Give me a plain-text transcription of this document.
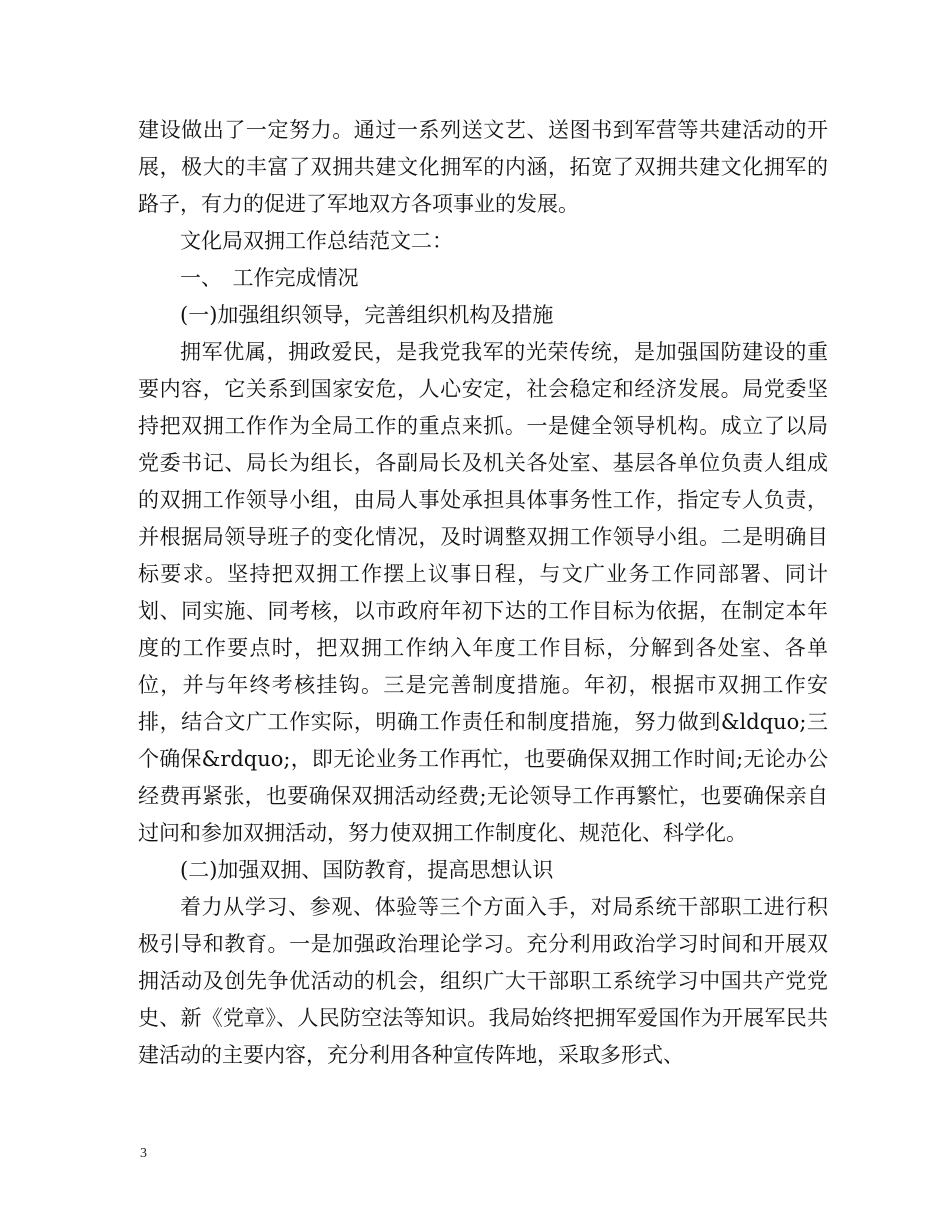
建设做出了一定努力。通过一系列送文艺、送图书到军营等共建活动的开展，极大的丰富了双拥共建文化拥军的内涵，拓宽了双拥共建文化拥军的路子，有力的促进了军地双方各项事业的发展。

文化局双拥工作总结范文二：

一、　工作完成情况

(一)加强组织领导，完善组织机构及措施

拥军优属，拥政爱民，是我党我军的光荣传统，是加强国防建设的重要内容，它关系到国家安危，人心安定，社会稳定和经济发展。局党委坚持把双拥工作作为全局工作的重点来抓。一是健全领导机构。成立了以局党委书记、局长为组长，各副局长及机关各处室、基层各单位负责人组成的双拥工作领导小组，由局人事处承担具体事务性工作，指定专人负责，并根据局领导班子的变化情况，及时调整双拥工作领导小组。二是明确目标要求。坚持把双拥工作摆上议事日程，与文广业务工作同部署、同计划、同实施、同考核，以市政府年初下达的工作目标为依据，在制定本年度的工作要点时，把双拥工作纳入年度工作目标，分解到各处室、各单位，并与年终考核挂钩。三是完善制度措施。年初，根据市双拥工作安排，结合文广工作实际，明确工作责任和制度措施，努力做到&ldquo;三个确保&rdquo;，即无论业务工作再忙，也要确保双拥工作时间;无论办公经费再紧张，也要确保双拥活动经费;无论领导工作再繁忙，也要确保亲自过问和参加双拥活动，努力使双拥工作制度化、规范化、科学化。

(二)加强双拥、国防教育，提高思想认识

着力从学习、参观、体验等三个方面入手，对局系统干部职工进行积极引导和教育。一是加强政治理论学习。充分利用政治学习时间和开展双拥活动及创先争优活动的机会，组织广大干部职工系统学习中国共产党党史、新《党章》、人民防空法等知识。我局始终把拥军爱国作为开展军民共建活动的主要内容，充分利用各种宣传阵地，采取多形式、

3
